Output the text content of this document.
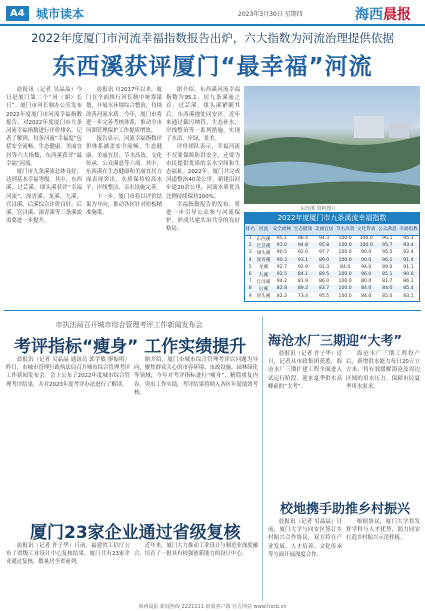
A4 城市读本	2023年3月30日 星期四	海西晨报
2022年度厦门市河流幸福指数报告出炉，六大指数为河流治理提供依据
东西溪获评厦门“最幸福”河流

晨报讯（记者 吴晶晶）今日是厦门第二个“河（湖）长日”。厦门市河长制办公室发布2022年度厦门市河流幸福指数报告，对2022年度厦门市九条河流幸福指数进行评价排名。记者了解到，每条河流“幸福度”包括安全流畅、生态健康、美丽宜居等六大指数，东西溪获评“最幸福”河流。

厦门市九条溪流总体良好，达到基本幸福等级。其中，东西溪、过芸溪、埭头溪获评“幸福河流”，深青溪、龙溪、九溪、官浔溪、后溪综合评价良好，后溪、官浔溪、深青溪等三条溪流需要进一步提升。

晨报讯 自2017年以来，厦门在全面推行河长制中统筹谋划，开展水环境综合整治，持续改善河流水质。今年，厦门市将进一步完善考核体系，推动全市河湖管理保护工作提质增效。

报告显示，河流幸福指数评价体系涵盖安全流畅、生态健康、美丽宜居、节水高效、文化传承、公众满意等六项。其中，东西溪在生态健康和美丽宜居方面表现突出，水质保持较高水平，岸线整洁、亲水设施完善。

下一步，厦门市将以评价结果为导向，推动各区针对短板精准施策。

据介绍，东西溪河流幸福指数为95.1，居九条溪流之首；过芸溪、埭头溪紧随其后。东西溪地处同安区，近年来通过截污纳管、生态补水、岸线整治等一系列措施，实现了水清、岸绿、景美。

评价团队表示，幸福河流不仅要保障防洪安全，还要为市民提供优质的亲水空间和生态福祉。2022年，厦门共完成河道整治40余公里，新建沿河步道20余公里，河流水质优良比例持续保持100%。

幸福指数报告的发布，将进一步引导公众参与河流保护，形成共建共治共享的良好格局。

东西溪 资料图片
2022年度厦门市九条溪流幸福指数
排名	河流	安全流畅	生态健康	美丽宜居	节水高效	文化传承	公众满意	幸福指数
1	东西溪	95.1	96.4	94.3	100.0	100.0	96.1	95.3
2	过芸溪	91.0	94.8	95.8	100.0	100.0	95.7	93.4
3	埭头溪	90.5	92.0	97.7	100.0	90.0	95.5	92.4
4	深青溪	90.3	93.1	89.0	100.0	90.0	96.1	91.4
5	龙溪	92.7	92.9	91.3	84.0	94.0	89.0	91.1
6	九溪	92.5	84.1	89.5	100.0	96.0	85.1	90.0
7	官浔溪	94.2	81.9	86.0	100.0	80.0	81.7	86.1
8	后溪	82.8	89.2	83.7	100.0	84.0	84.0	85.4
9	瑶头溪	82.2	73.4	95.5	100.0	84.0	85.0	83.1
市执法局召开城市综合管理考评工作新闻发布会
考评指标“瘦身” 工作实绩提升

晨报讯（记者 吴晶晶 通讯员 郭学敏 廖振明）昨日，市城市管理行政执法局召开城市综合管理考评工作新闻发布会。会上公布了2022年度城市综合管理考评结果，并对2023年度考评办法进行了解读。

据介绍，厦门市城市综合管理考评以问题为导向，聚焦群众关心的市容环境、市政设施、园林绿化等领域，今年对考评指标进行“瘦身”，精简重复内容，突出工作实绩。考评结果将纳入各区年度绩效考核。

厦门23家企业通过省级复核

晨报讯（记者 许子华）日前，福建省工信厅公布了省级工业设计中心复核结果，厦门共有23家企业通过复核，数量居全省前列。

近年来，厦门大力推动工业设计与制造业深度融合，培育了一批具有较强创新能力的设计中心。

海沧水厂三期迎“大考”

晨报讯（记者 许子华）近日，记者从市政集团获悉，海沧水厂三期扩建工程全面进入试运行阶段，迎来夏季供水高峰前的“大考”。

海沧水厂三期工程投产后，新增供水能力每日20万立方米，将有效缓解海沧及周边区域的用水压力，保障市民夏季用水需求。

校地携手助推乡村振兴

晨报讯（记者 吴晶晶）日前，厦门大学与同安区签订乡村振兴合作协议，双方将在产业发展、人才培养、文化传承等方面开展深度合作。

根据协议，厦门大学将发挥学科与人才优势，助力同安打造乡村振兴示范样板。

海西晨报 新闻热线 2221111 新闻客户端 官方网站 www.hxcb.cn
